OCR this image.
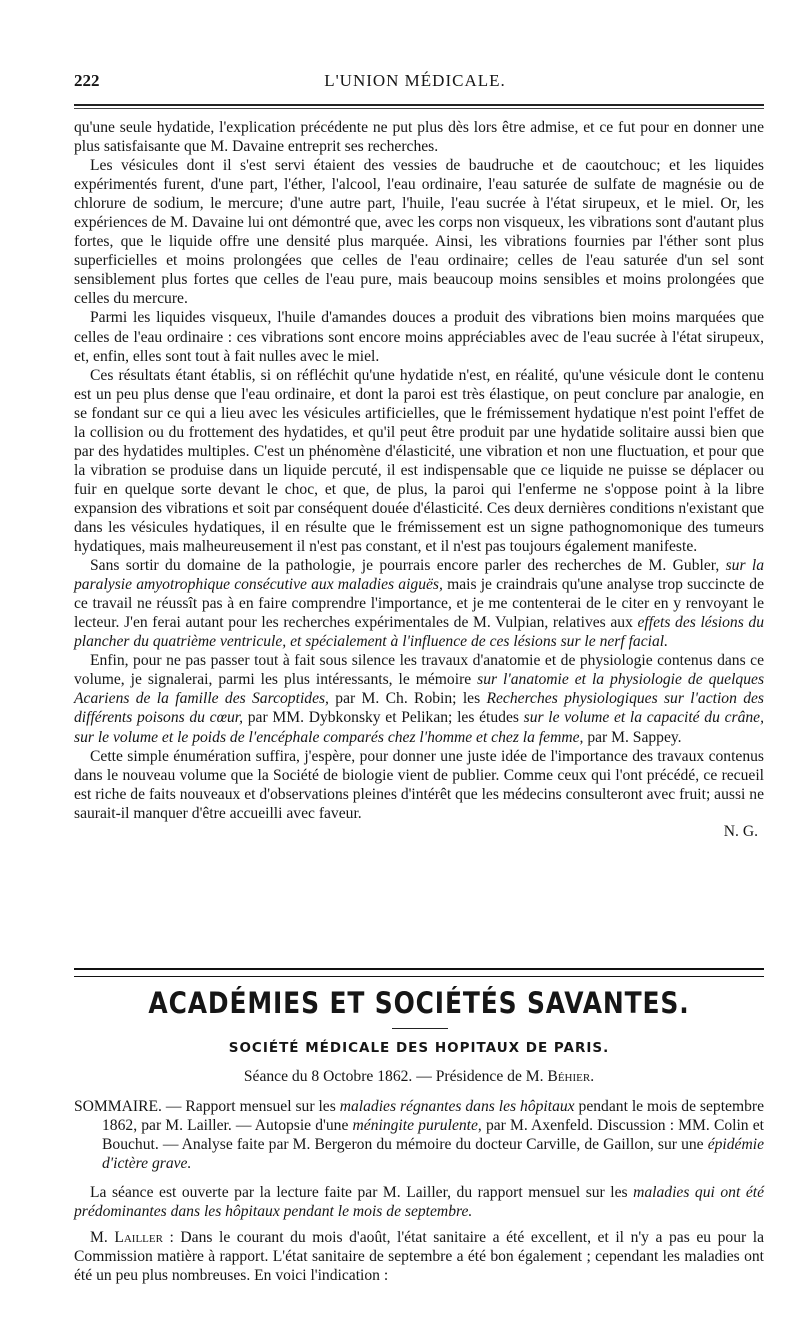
222	L'UNION MÉDICALE.

qu'une seule hydatide, l'explication précédente ne put plus dès lors être admise, et ce fut pour en donner une plus satisfaisante que M. Davaine entreprit ses recherches.

Les vésicules dont il s'est servi étaient des vessies de baudruche et de caoutchouc; et les liquides expérimentés furent, d'une part, l'éther, l'alcool, l'eau ordinaire, l'eau saturée de sulfate de magnésie ou de chlorure de sodium, le mercure; d'une autre part, l'huile, l'eau sucrée à l'état sirupeux, et le miel. Or, les expériences de M. Davaine lui ont démontré que, avec les corps non visqueux, les vibrations sont d'autant plus fortes, que le liquide offre une densité plus marquée. Ainsi, les vibrations fournies par l'éther sont plus superficielles et moins prolongées que celles de l'eau ordinaire; celles de l'eau saturée d'un sel sont sensiblement plus fortes que celles de l'eau pure, mais beaucoup moins sensibles et moins prolongées que celles du mercure.

Parmi les liquides visqueux, l'huile d'amandes douces a produit des vibrations bien moins marquées que celles de l'eau ordinaire : ces vibrations sont encore moins appréciables avec de l'eau sucrée à l'état sirupeux, et, enfin, elles sont tout à fait nulles avec le miel.

Ces résultats étant établis, si on réfléchit qu'une hydatide n'est, en réalité, qu'une vésicule dont le contenu est un peu plus dense que l'eau ordinaire, et dont la paroi est très élastique, on peut conclure par analogie, en se fondant sur ce qui a lieu avec les vésicules artificielles, que le frémissement hydatique n'est point l'effet de la collision ou du frottement des hydatides, et qu'il peut être produit par une hydatide solitaire aussi bien que par des hydatides multiples. C'est un phénomène d'élasticité, une vibration et non une fluctuation, et pour que la vibration se produise dans un liquide percuté, il est indispensable que ce liquide ne puisse se déplacer ou fuir en quelque sorte devant le choc, et que, de plus, la paroi qui l'enferme ne s'oppose point à la libre expansion des vibrations et soit par conséquent douée d'élasticité. Ces deux dernières conditions n'existant que dans les vésicules hydatiques, il en résulte que le frémissement est un signe pathognomonique des tumeurs hydatiques, mais malheureusement il n'est pas constant, et il n'est pas toujours également manifeste.

Sans sortir du domaine de la pathologie, je pourrais encore parler des recherches de M. Gubler, sur la paralysie amyotrophique consécutive aux maladies aiguës, mais je craindrais qu'une analyse trop succincte de ce travail ne réussît pas à en faire comprendre l'importance, et je me contenterai de le citer en y renvoyant le lecteur. J'en ferai autant pour les recherches expérimentales de M. Vulpian, relatives aux effets des lésions du plancher du quatrième ventricule, et spécialement à l'influence de ces lésions sur le nerf facial.

Enfin, pour ne pas passer tout à fait sous silence les travaux d'anatomie et de physiologie contenus dans ce volume, je signalerai, parmi les plus intéressants, le mémoire sur l'anatomie et la physiologie de quelques Acariens de la famille des Sarcoptides, par M. Ch. Robin; les Recherches physiologiques sur l'action des différents poisons du cœur, par MM. Dybkonsky et Pelikan; les études sur le volume et la capacité du crâne, sur le volume et le poids de l'encéphale comparés chez l'homme et chez la femme, par M. Sappey.

Cette simple énumération suffira, j'espère, pour donner une juste idée de l'importance des travaux contenus dans le nouveau volume que la Société de biologie vient de publier. Comme ceux qui l'ont précédé, ce recueil est riche de faits nouveaux et d'observations pleines d'intérêt que les médecins consulteront avec fruit; aussi ne saurait-il manquer d'être accueilli avec faveur.

N. G.
ACADÉMIES ET SOCIÉTÉS SAVANTES.
SOCIÉTÉ MÉDICALE DES HOPITAUX DE PARIS.
Séance du 8 Octobre 1862. — Présidence de M. Béhier.

SOMMAIRE. — Rapport mensuel sur les maladies régnantes dans les hôpitaux pendant le mois de septembre 1862, par M. Lailler. — Autopsie d'une méningite purulente, par M. Axenfeld. Discussion : MM. Colin et Bouchut. — Analyse faite par M. Bergeron du mémoire du docteur Carville, de Gaillon, sur une épidémie d'ictère grave.

La séance est ouverte par la lecture faite par M. Lailler, du rapport mensuel sur les maladies qui ont été prédominantes dans les hôpitaux pendant le mois de septembre.

M. Lailler : Dans le courant du mois d'août, l'état sanitaire a été excellent, et il n'y a pas eu pour la Commission matière à rapport. L'état sanitaire de septembre a été bon également ; cependant les maladies ont été un peu plus nombreuses. En voici l'indication :
